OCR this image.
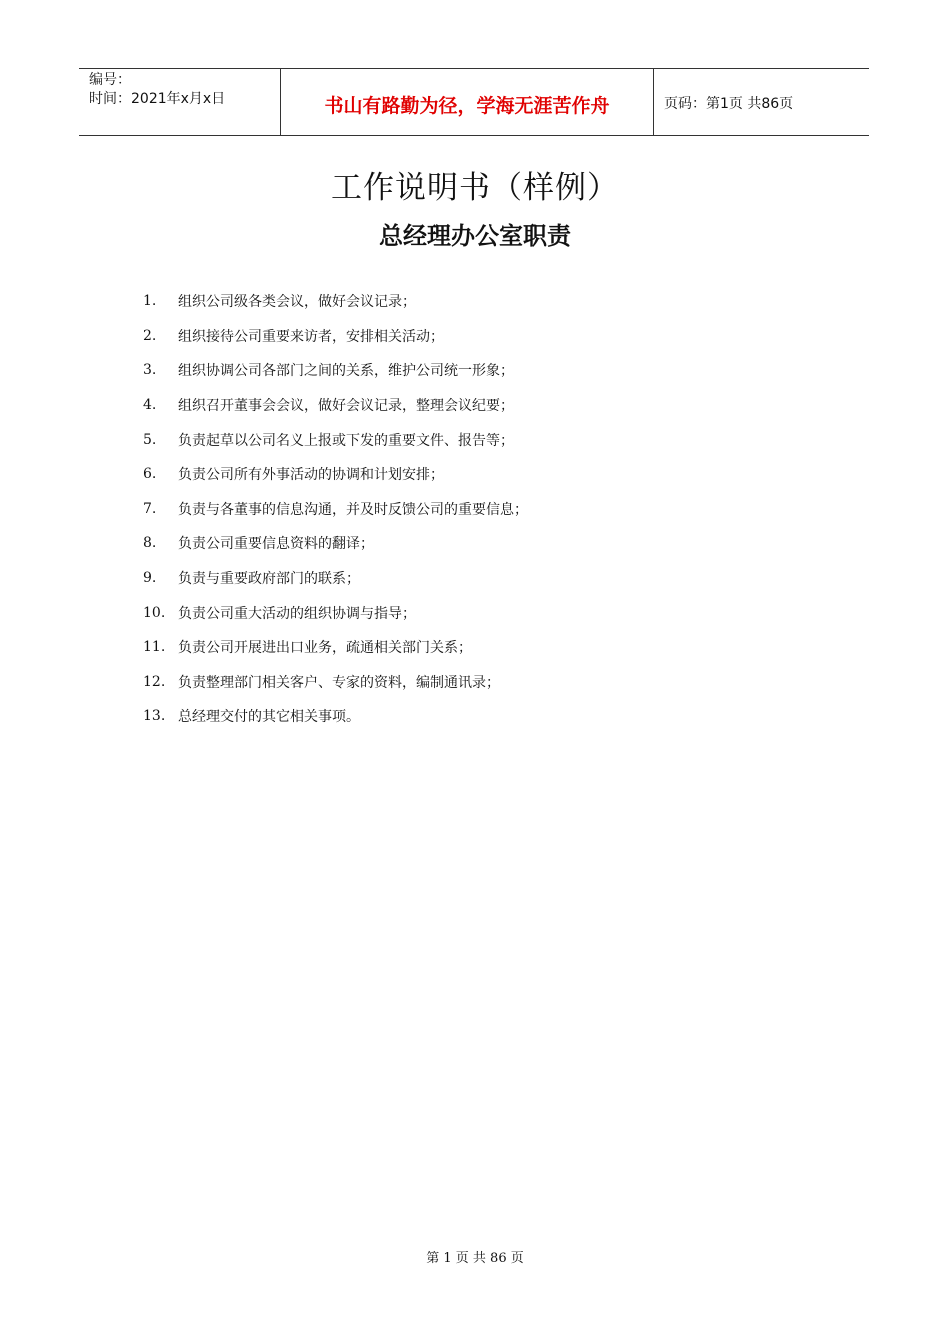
编号：
时间：2021年x月x日	书山有路勤为径，学海无涯苦作舟	页码：第1页 共86页
工作说明书（样例）
总经理办公室职责
1.	组织公司级各类会议，做好会议记录；
2.	组织接待公司重要来访者，安排相关活动；
3.	组织协调公司各部门之间的关系，维护公司统一形象；
4.	组织召开董事会会议，做好会议记录，整理会议纪要；
5.	负责起草以公司名义上报或下发的重要文件、报告等；
6.	负责公司所有外事活动的协调和计划安排；
7.	负责与各董事的信息沟通，并及时反馈公司的重要信息；
8.	负责公司重要信息资料的翻译；
9.	负责与重要政府部门的联系；
10. 负责公司重大活动的组织协调与指导；
11. 负责公司开展进出口业务，疏通相关部门关系；
12. 负责整理部门相关客户、专家的资料，编制通讯录；
13. 总经理交付的其它相关事项。
第 1 页 共 86 页
